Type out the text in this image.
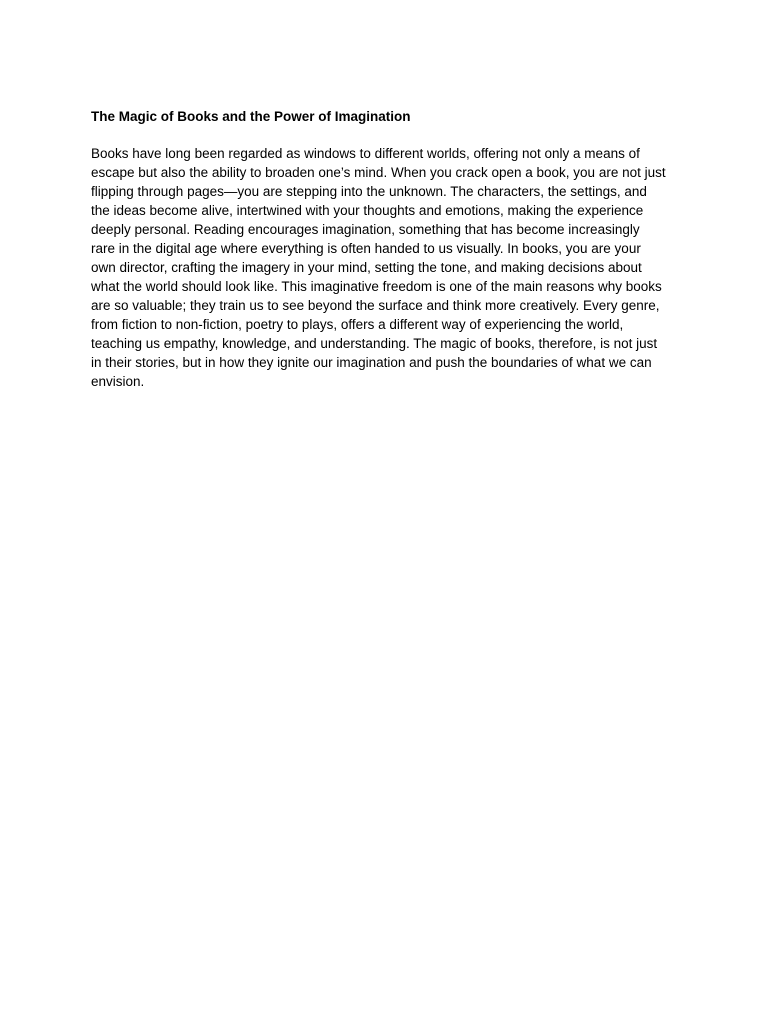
The Magic of Books and the Power of Imagination

Books have long been regarded as windows to different worlds, offering not only a means of
escape but also the ability to broaden one’s mind. When you crack open a book, you are not just
flipping through pages—you are stepping into the unknown. The characters, the settings, and
the ideas become alive, intertwined with your thoughts and emotions, making the experience
deeply personal. Reading encourages imagination, something that has become increasingly
rare in the digital age where everything is often handed to us visually. In books, you are your
own director, crafting the imagery in your mind, setting the tone, and making decisions about
what the world should look like. This imaginative freedom is one of the main reasons why books
are so valuable; they train us to see beyond the surface and think more creatively. Every genre,
from fiction to non-fiction, poetry to plays, offers a different way of experiencing the world,
teaching us empathy, knowledge, and understanding. The magic of books, therefore, is not just
in their stories, but in how they ignite our imagination and push the boundaries of what we can
envision.
